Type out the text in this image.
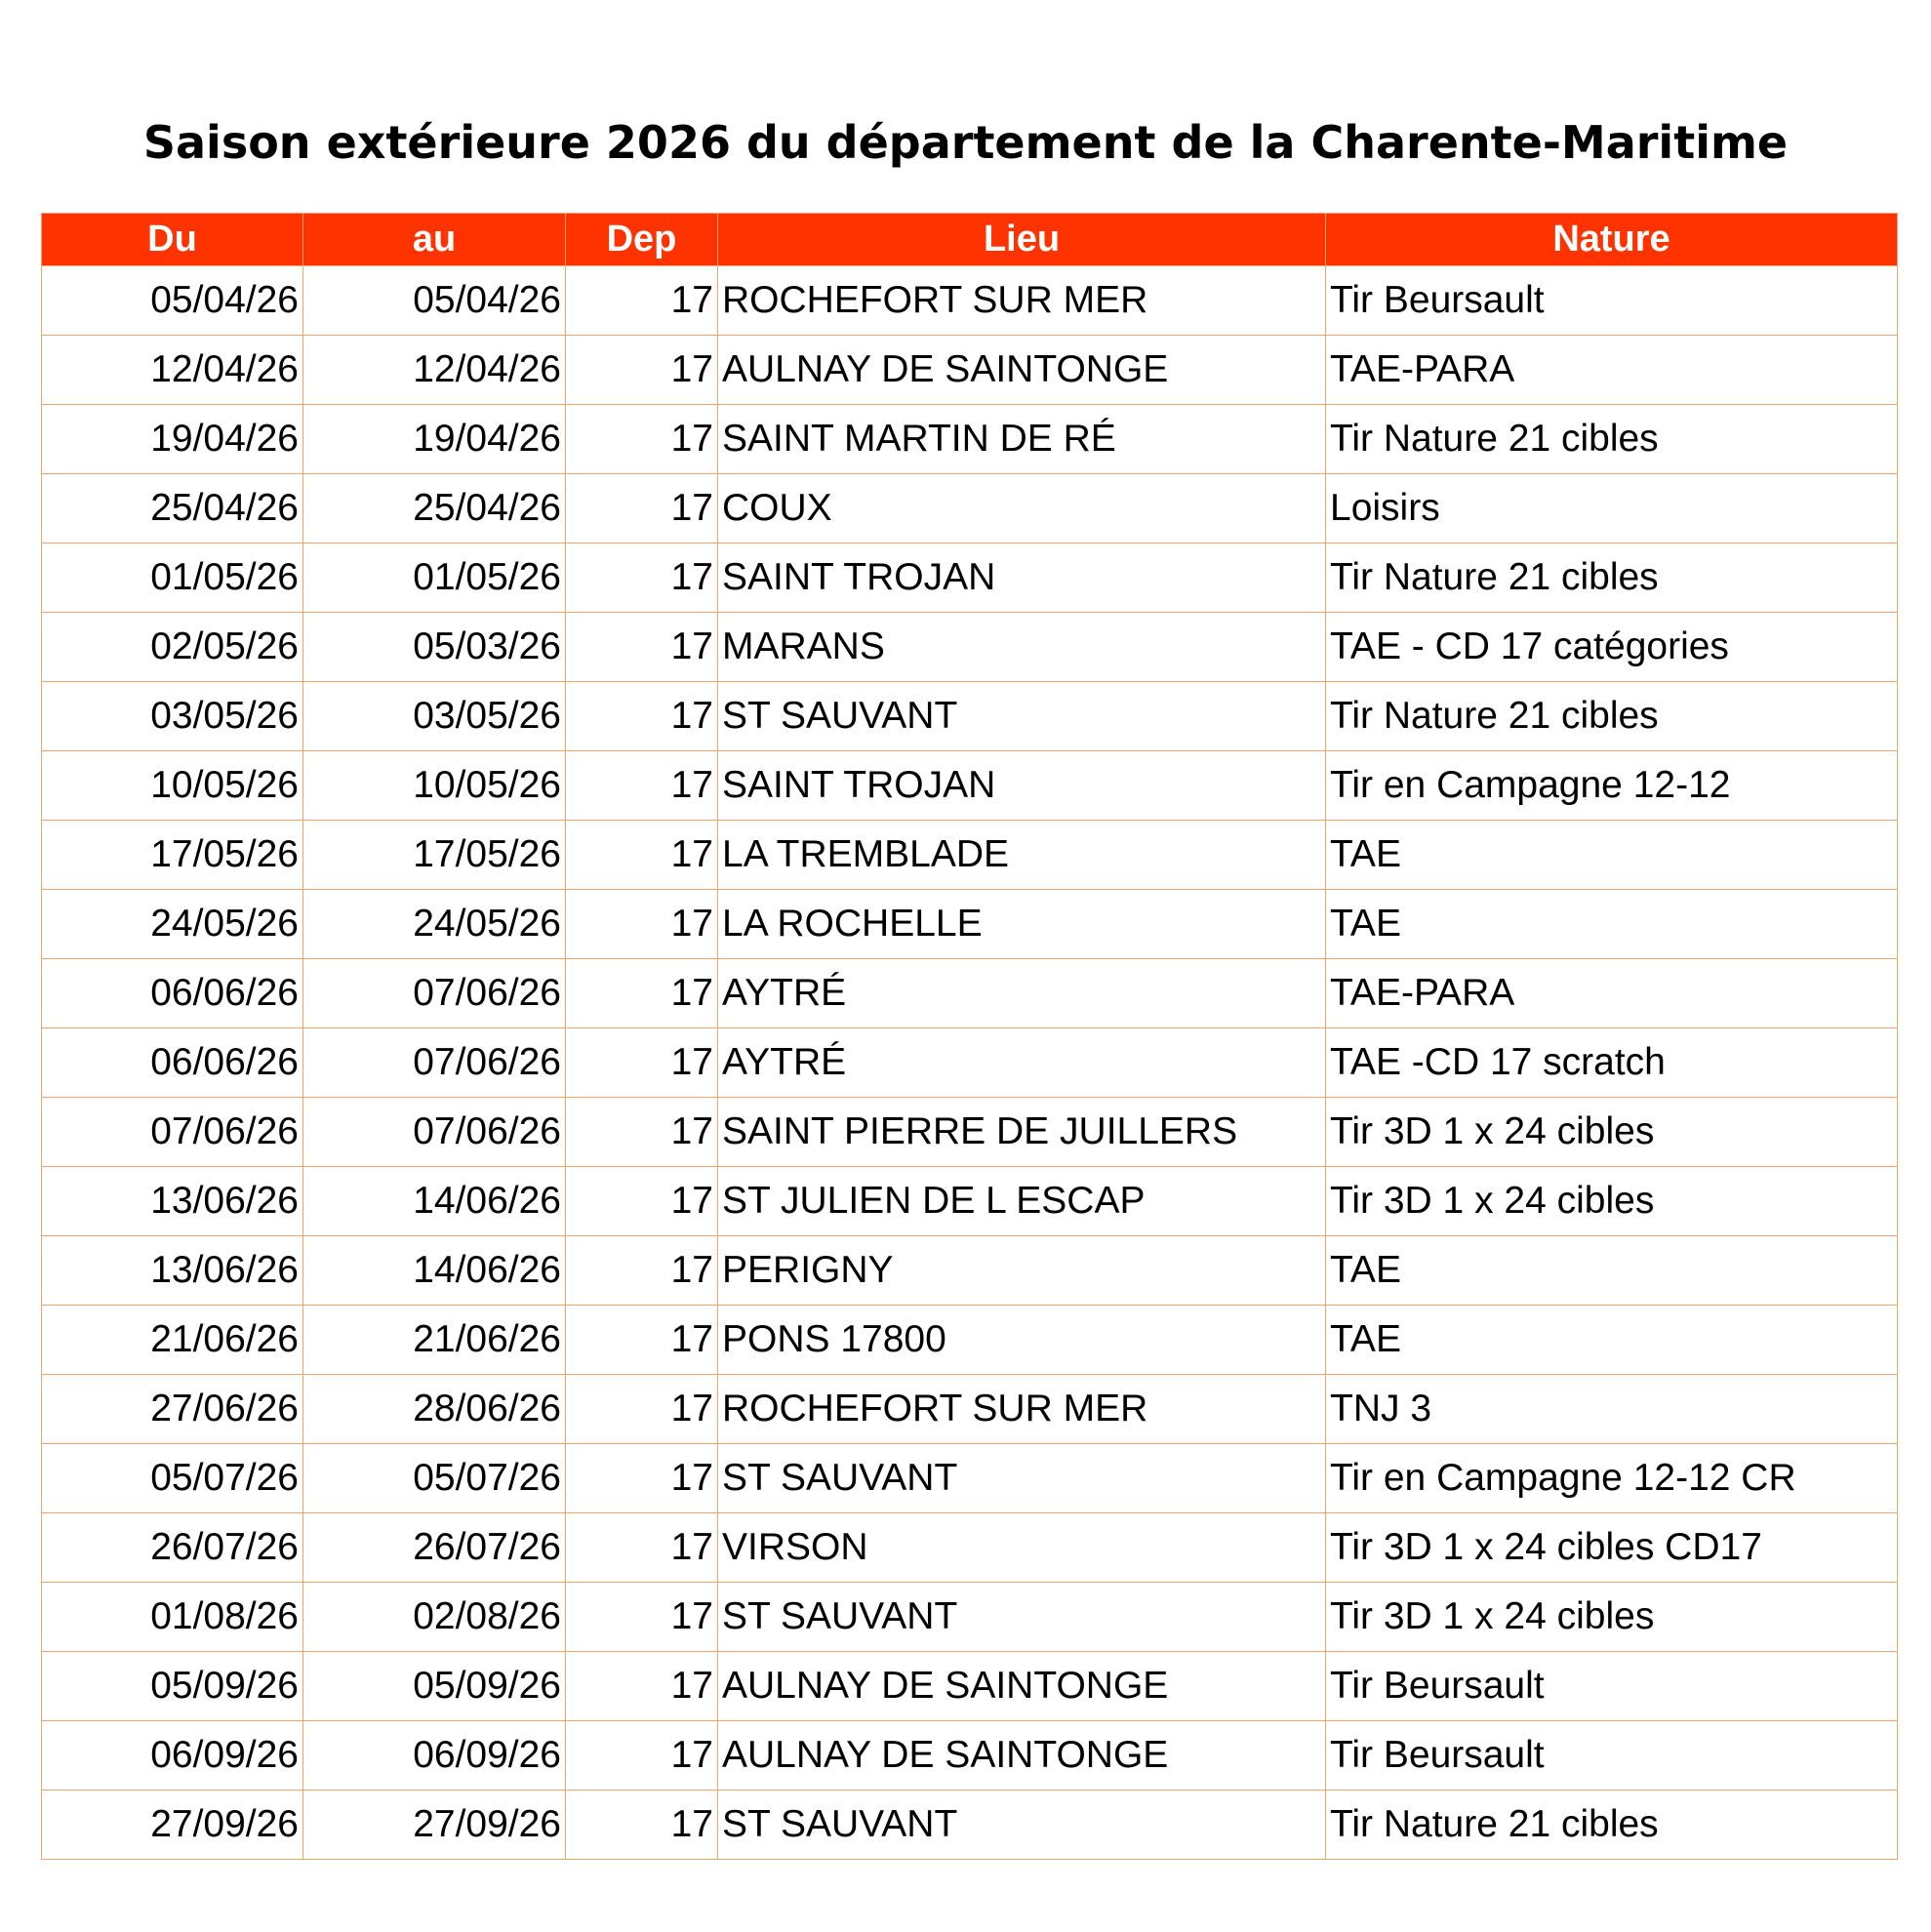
Saison extérieure 2026 du département de la Charente-Maritime
Du	au	Dep	Lieu	Nature
05/04/26	05/04/26	17	ROCHEFORT SUR MER	Tir Beursault
12/04/26	12/04/26	17	AULNAY DE SAINTONGE	TAE-PARA
19/04/26	19/04/26	17	SAINT MARTIN DE RÉ	Tir Nature 21 cibles
25/04/26	25/04/26	17	COUX	Loisirs
01/05/26	01/05/26	17	SAINT TROJAN	Tir Nature 21 cibles
02/05/26	05/03/26	17	MARANS	TAE - CD 17 catégories
03/05/26	03/05/26	17	ST SAUVANT	Tir Nature 21 cibles
10/05/26	10/05/26	17	SAINT TROJAN	Tir en Campagne 12-12
17/05/26	17/05/26	17	LA TREMBLADE	TAE
24/05/26	24/05/26	17	LA ROCHELLE	TAE
06/06/26	07/06/26	17	AYTRÉ	TAE-PARA
06/06/26	07/06/26	17	AYTRÉ	TAE -CD 17 scratch
07/06/26	07/06/26	17	SAINT PIERRE DE JUILLERS	Tir 3D 1 x 24 cibles
13/06/26	14/06/26	17	ST JULIEN DE L ESCAP	Tir 3D 1 x 24 cibles
13/06/26	14/06/26	17	PERIGNY	TAE
21/06/26	21/06/26	17	PONS 17800	TAE
27/06/26	28/06/26	17	ROCHEFORT SUR MER	TNJ 3
05/07/26	05/07/26	17	ST SAUVANT	Tir en Campagne 12-12 CR
26/07/26	26/07/26	17	VIRSON	Tir 3D 1 x 24 cibles CD17
01/08/26	02/08/26	17	ST SAUVANT	Tir 3D 1 x 24 cibles
05/09/26	05/09/26	17	AULNAY DE SAINTONGE	Tir Beursault
06/09/26	06/09/26	17	AULNAY DE SAINTONGE	Tir Beursault
27/09/26	27/09/26	17	ST SAUVANT	Tir Nature 21 cibles
